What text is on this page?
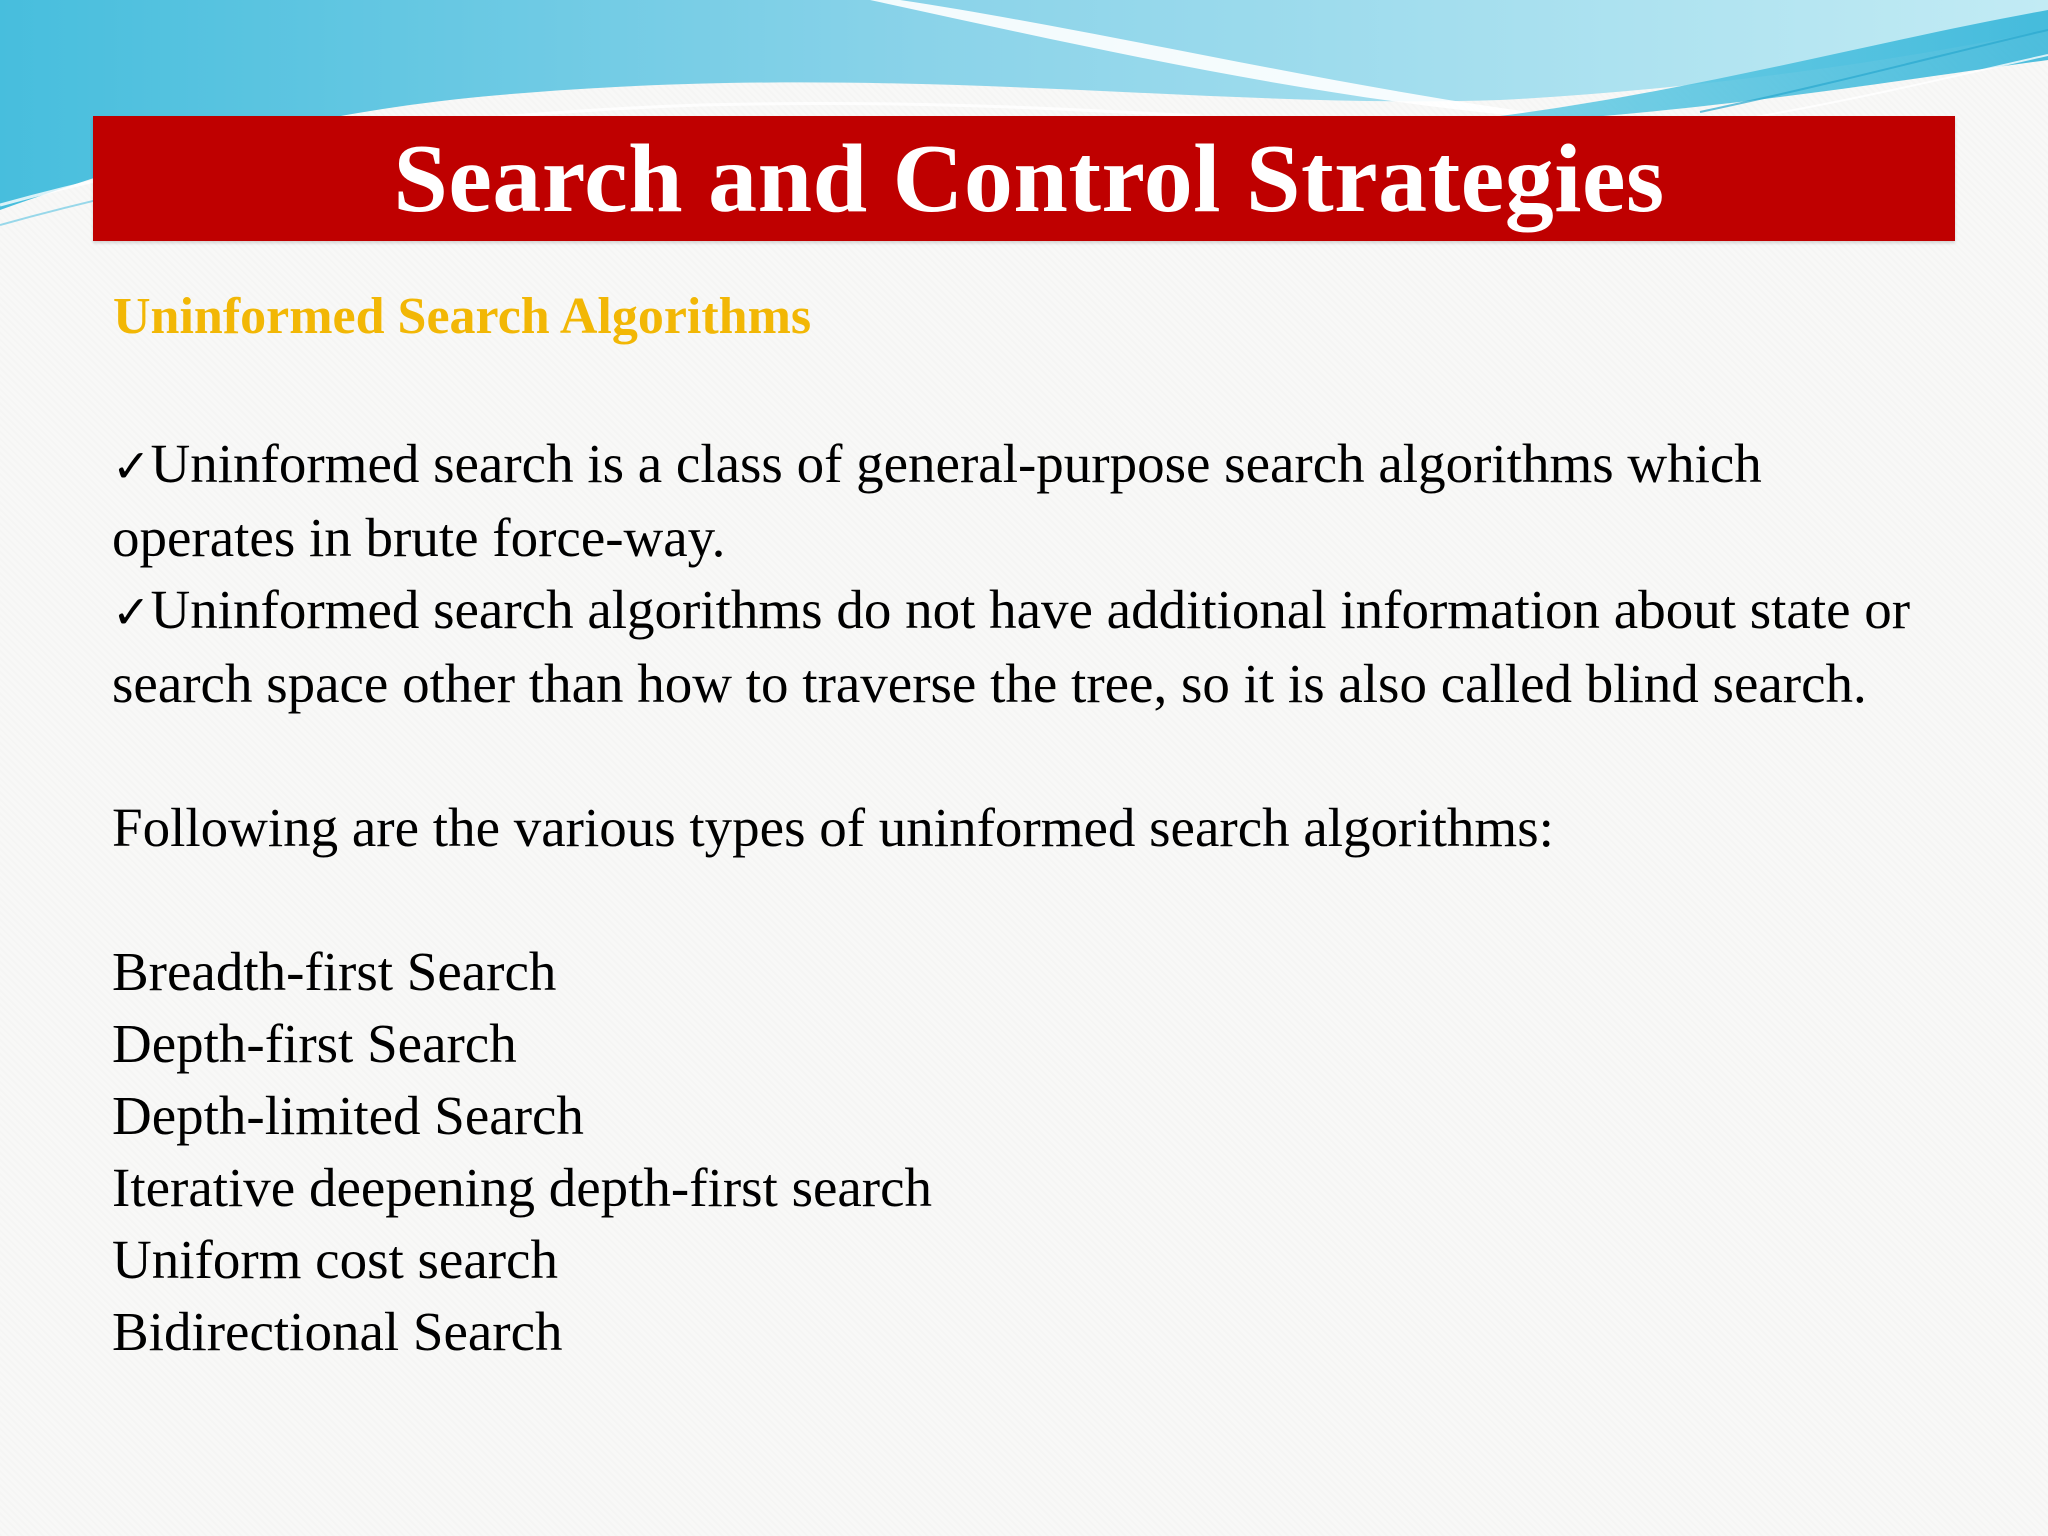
Search and Control Strategies
Uninformed Search Algorithms

✓Uninformed search is a class of general-purpose search algorithms which operates in brute force-way.

✓Uninformed search algorithms do not have additional information about state or search space other than how to traverse the tree, so it is also called blind search.

Following are the various types of uninformed search algorithms:

Breadth-first Search
Depth-first Search
Depth-limited Search
Iterative deepening depth-first search
Uniform cost search
Bidirectional Search
